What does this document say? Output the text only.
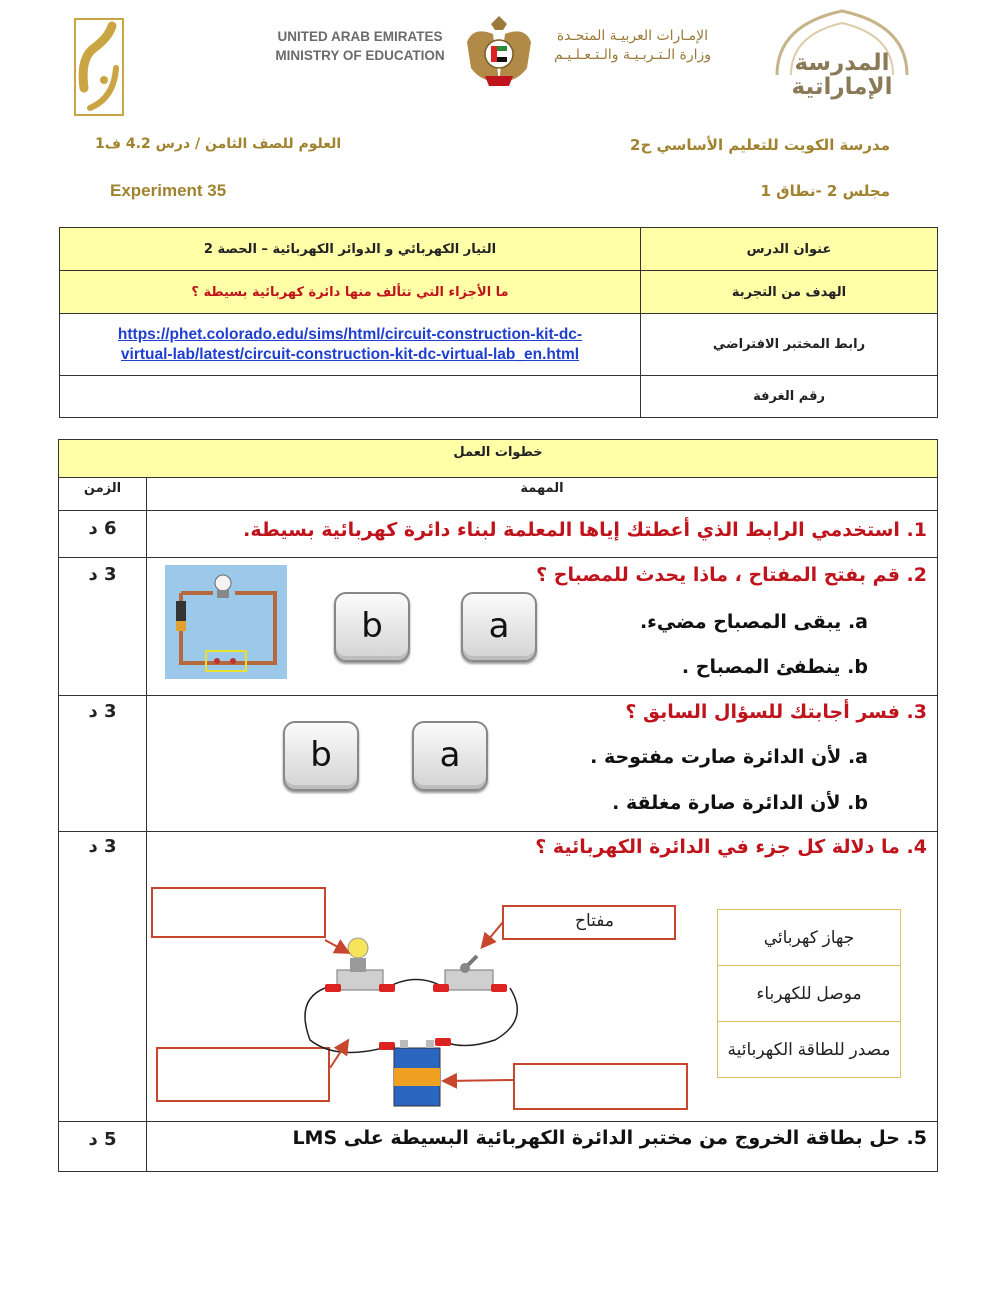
UNITED ARAB EMIRATES
MINISTRY OF EDUCATION
الإمـارات العربيـة المتحـدة
وزارة الـتـربـيـة والـتـعـلـيـم	المدرسة
الإماراتية
مدرسة الكويت للتعليم الأساسي ح2
مجلس 2 -نطاق 1
العلوم للصف الثامن / درس 4.2 ف1
Experiment 35
التيار الكهربائي و الدوائر الكهربائية – الحصة 2	عنوان الدرس
ما الأجزاء التي تتألف منها دائرة كهربائية بسيطة ؟	الهدف من التجربة

https://phet.colorado.edu/sims/html/circuit-construction-kit-dc-
virtual-lab/latest/circuit-construction-kit-dc-virtual-lab_en.html	رابط المختبر الافتراضي
	رقم الغرفة
خطوات العمل
الزمن	المهمة
6 د	1. استخدمي الرابط الذي أعطتك إياها المعلمة لبناء دائرة كهربائية بسيطة.
3 د	2. قم بفتح المفتاح ، ماذا يحدث للمصباح ؟
a. يبقى المصباح مضيء.
b. ينطفئ المصباح .
b	a
3 د	3. فسر أجابتك للسؤال السابق ؟
a. لأن الدائرة صارت مفتوحة .
b. لأن الدائرة صارة مغلقة .
b	a
3 د	4. ما دلالة كل جزء في الدائرة الكهربائية ؟
5 د	5. حل بطاقة الخروج من مختبر الدائرة الكهربائية البسيطة على LMS
مفتاح
جهاز كهربائي
موصل للكهرباء
مصدر للطاقة الكهربائية
